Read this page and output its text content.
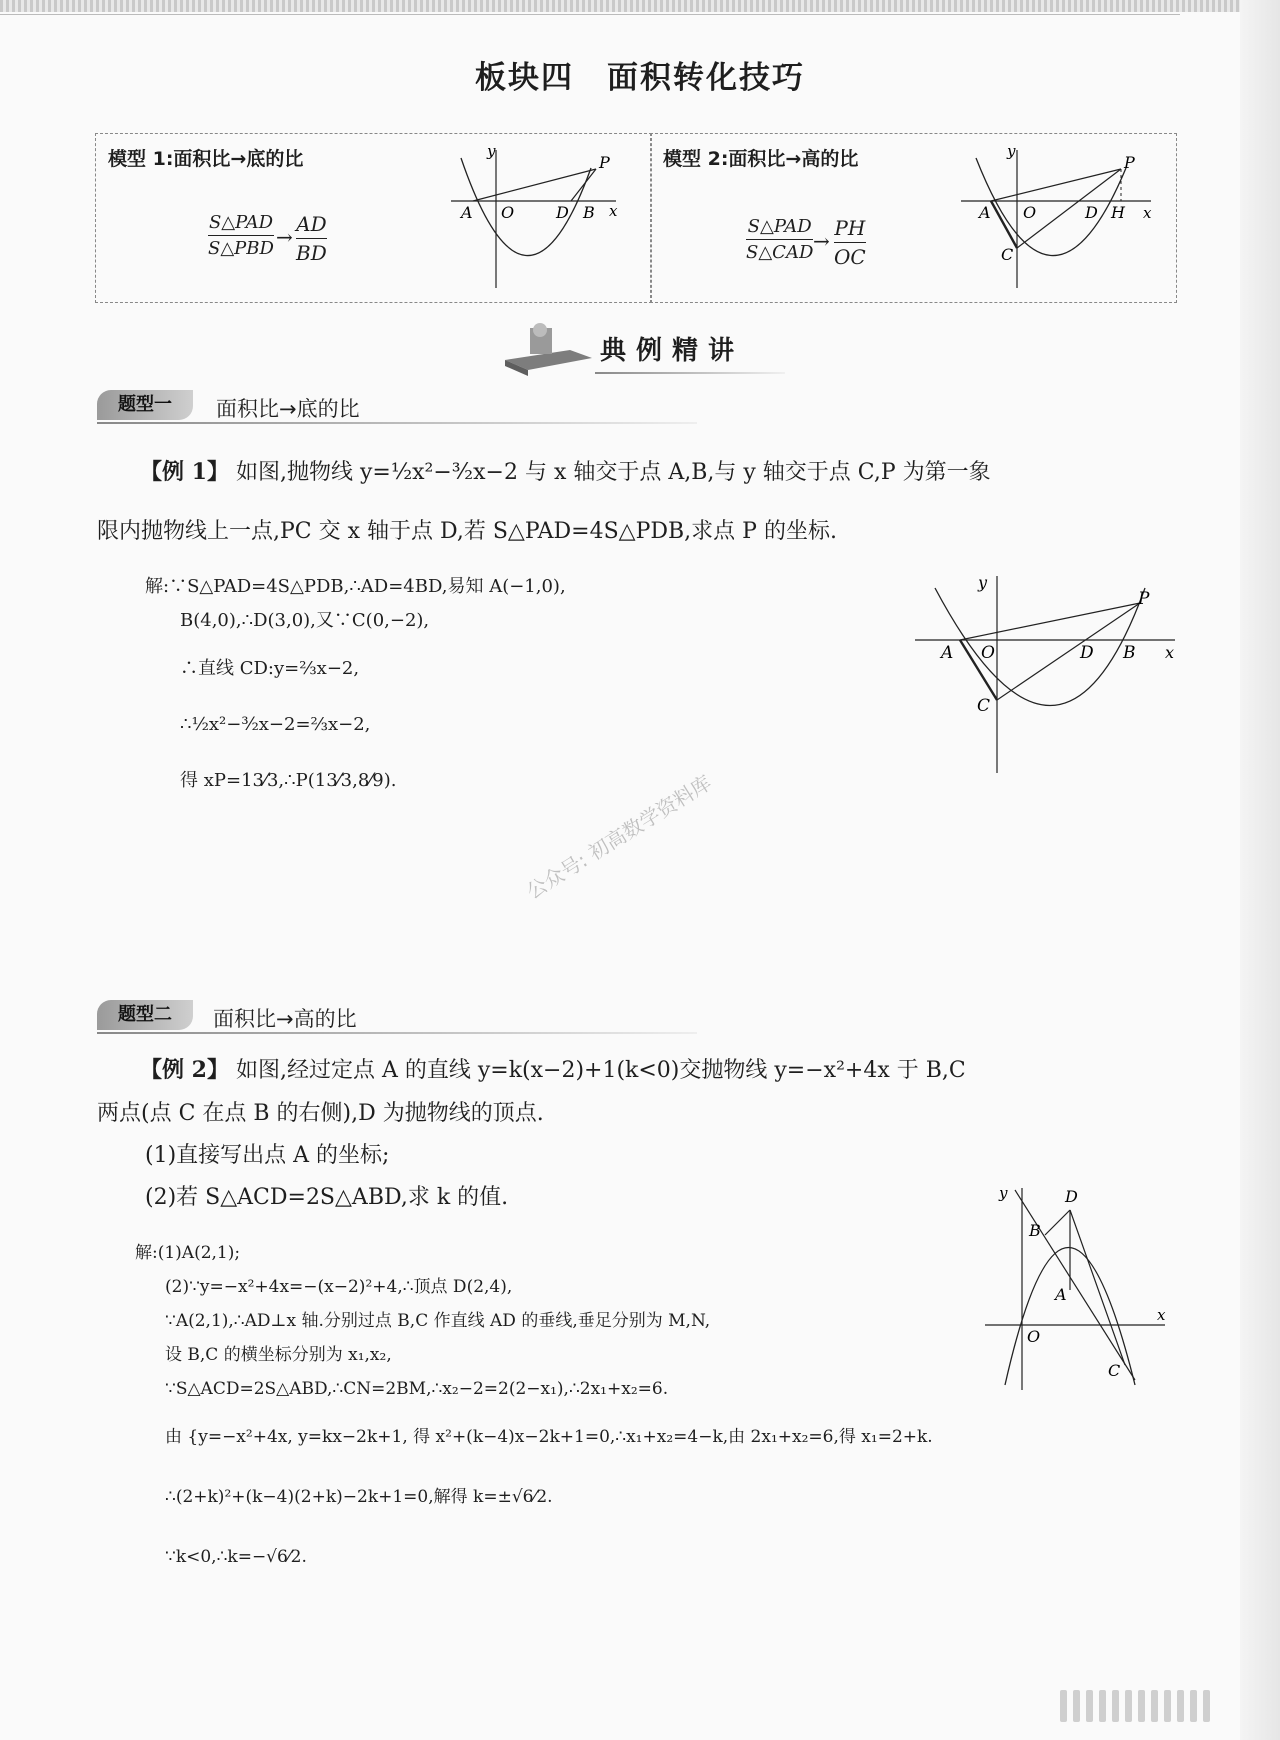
板块四　面积转化技巧
模型 1:面积比→底的比
S△PAD
S△PBD →
AD
BD
y
x
A O	D B
P	模型 2:面积比→高的比
S△PAD
S△CAD →
PH
OC
y
x
A O	D H
P
C
典例精讲
题型一	面积比→底的比
【例 1】 如图,抛物线 y=½x²−³⁄₂x−2 与 x 轴交于点 A,B,与 y 轴交于点 C,P 为第一象
限内抛物线上一点,PC 交 x 轴于点 D,若 S△PAD=4S△PDB,求点 P 的坐标.
解:∵S△PAD=4S△PDB,∴AD=4BD,易知 A(−1,0),
B(4,0),∴D(3,0),又∵C(0,−2),
∴直线 CD:y=⅔x−2,
∴½x²−³⁄₂x−2=⅔x−2,
得 xP=13⁄3,∴P(13⁄3,8⁄9).
y
x
A O	D B
P
C
公众号: 初高数学资料库
题型二	面积比→高的比
【例 2】 如图,经过定点 A 的直线 y=k(x−2)+1(k<0)交抛物线 y=−x²+4x 于 B,C
两点(点 C 在点 B 的右侧),D 为抛物线的顶点.
(1)直接写出点 A 的坐标;
(2)若 S△ACD=2S△ABD,求 k 的值.
解:(1)A(2,1);
(2)∵y=−x²+4x=−(x−2)²+4,∴顶点 D(2,4),
∵A(2,1),∴AD⊥x 轴.分别过点 B,C 作直线 AD 的垂线,垂足分别为 M,N,
设 B,C 的横坐标分别为 x₁,x₂,
∵S△ACD=2S△ABD,∴CN=2BM,∴x₂−2=2(2−x₁),∴2x₁+x₂=6.
由 {y=−x²+4x, y=kx−2k+1, 得 x²+(k−4)x−2k+1=0,∴x₁+x₂=4−k,由 2x₁+x₂=6,得 x₁=2+k.
∴(2+k)²+(k−4)(2+k)−2k+1=0,解得 k=±√6⁄2.
∵k<0,∴k=−√6⁄2.
y
x
D
B
A
O
C
